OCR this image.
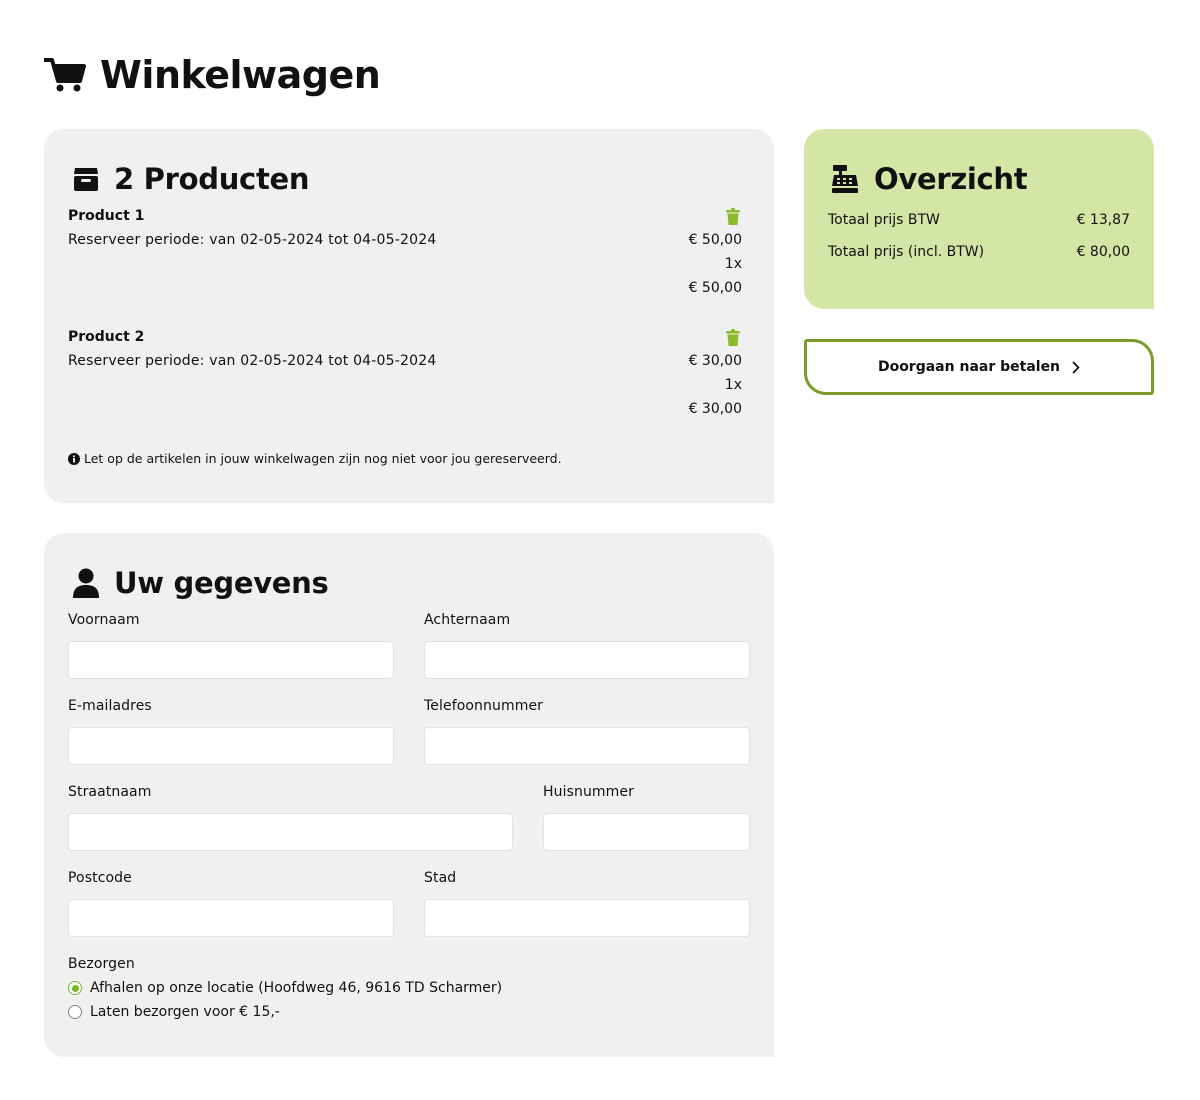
Winkelwagen
2 Producten
Product 1
Reserveer periode: van 02-05-2024 tot 04-05-2024	€ 50,00
1x
€ 50,00
Product 2
Reserveer periode: van 02-05-2024 tot 04-05-2024	€ 30,00
1x
€ 30,00
Let op de artikelen in jouw winkelwagen zijn nog niet voor jou gereserveerd.
Overzicht
Totaal prijs BTW	€ 13,87
Totaal prijs (incl. BTW)	€ 80,00
Doorgaan naar betalen
Uw gegevens
Voornaam	Achternaam
E-mailadres	Telefoonnummer
Straatnaam	Huisnummer
Postcode	Stad
Bezorgen
Afhalen op onze locatie (Hoofdweg 46, 9616 TD Scharmer)
Laten bezorgen voor € 15,-
